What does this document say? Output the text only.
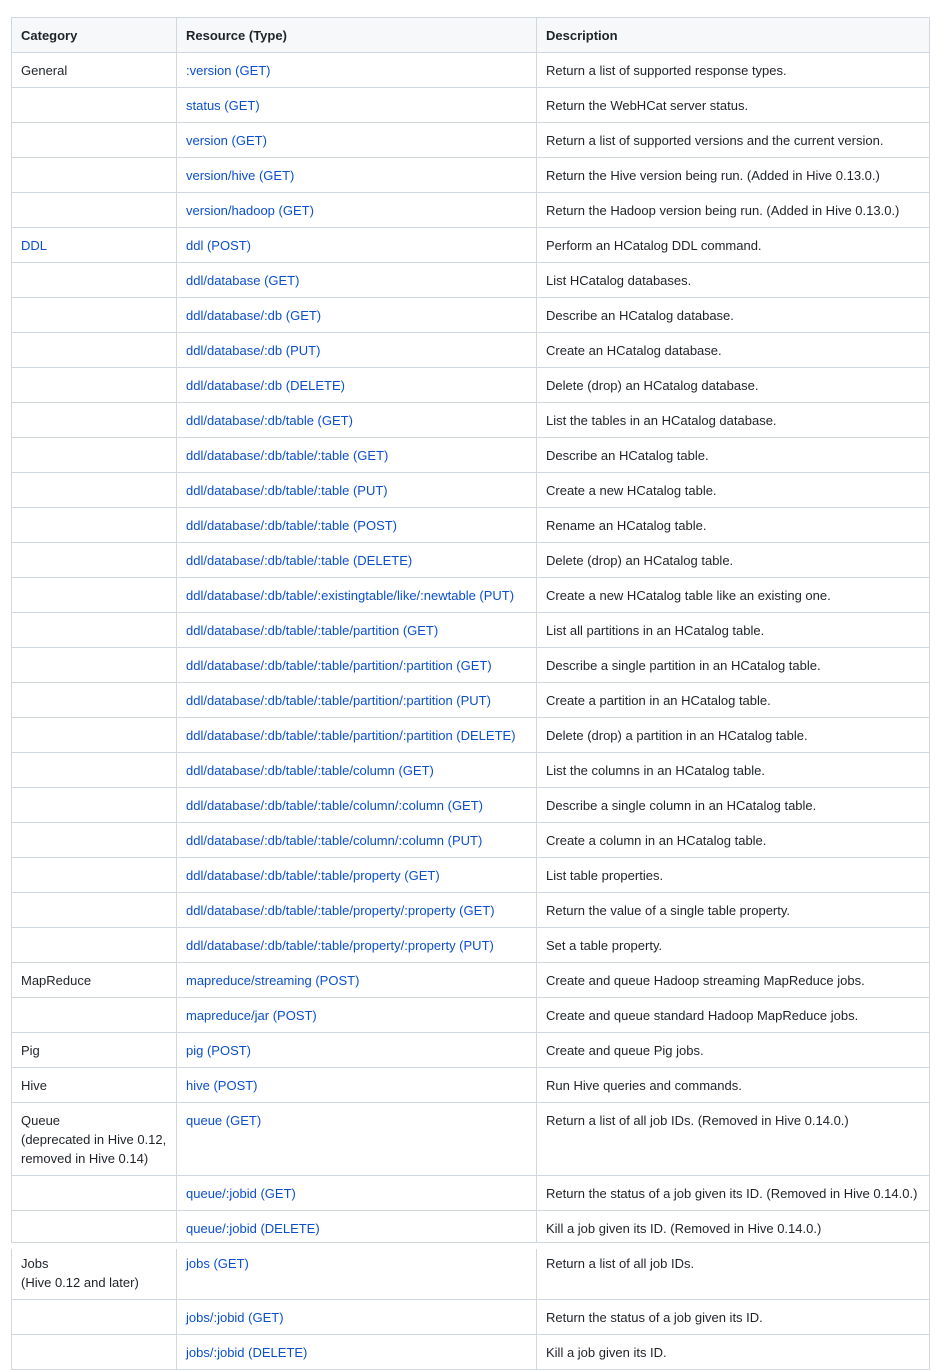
Category	Resource (Type)	Description
General	:version (GET)	Return a list of supported response types.
	status (GET)	Return the WebHCat server status.
	version (GET)	Return a list of supported versions and the current version.
	version/hive (GET)	Return the Hive version being run. (Added in Hive 0.13.0.)
	version/hadoop (GET)	Return the Hadoop version being run. (Added in Hive 0.13.0.)
DDL	ddl (POST)	Perform an HCatalog DDL command.
	ddl/database (GET)	List HCatalog databases.
	ddl/database/:db (GET)	Describe an HCatalog database.
	ddl/database/:db (PUT)	Create an HCatalog database.
	ddl/database/:db (DELETE)	Delete (drop) an HCatalog database.
	ddl/database/:db/table (GET)	List the tables in an HCatalog database.
	ddl/database/:db/table/:table (GET)	Describe an HCatalog table.
	ddl/database/:db/table/:table (PUT)	Create a new HCatalog table.
	ddl/database/:db/table/:table (POST)	Rename an HCatalog table.
	ddl/database/:db/table/:table (DELETE)	Delete (drop) an HCatalog table.
	ddl/database/:db/table/:existingtable/like/:newtable (PUT)	Create a new HCatalog table like an existing one.
	ddl/database/:db/table/:table/partition (GET)	List all partitions in an HCatalog table.
	ddl/database/:db/table/:table/partition/:partition (GET)	Describe a single partition in an HCatalog table.
	ddl/database/:db/table/:table/partition/:partition (PUT)	Create a partition in an HCatalog table.
	ddl/database/:db/table/:table/partition/:partition (DELETE)	Delete (drop) a partition in an HCatalog table.
	ddl/database/:db/table/:table/column (GET)	List the columns in an HCatalog table.
	ddl/database/:db/table/:table/column/:column (GET)	Describe a single column in an HCatalog table.
	ddl/database/:db/table/:table/column/:column (PUT)	Create a column in an HCatalog table.
	ddl/database/:db/table/:table/property (GET)	List table properties.
	ddl/database/:db/table/:table/property/:property (GET)	Return the value of a single table property.
	ddl/database/:db/table/:table/property/:property (PUT)	Set a table property.
MapReduce	mapreduce/streaming (POST)	Create and queue Hadoop streaming MapReduce jobs.
	mapreduce/jar (POST)	Create and queue standard Hadoop MapReduce jobs.
Pig	pig (POST)	Create and queue Pig jobs.
Hive	hive (POST)	Run Hive queries and commands.
Queue
(deprecated in Hive 0.12,
removed in Hive 0.14)	queue (GET)	Return a list of all job IDs. (Removed in Hive 0.14.0.)
	queue/:jobid (GET)	Return the status of a job given its ID. (Removed in Hive 0.14.0.)
	queue/:jobid (DELETE)	Kill a job given its ID. (Removed in Hive 0.14.0.)
Jobs
(Hive 0.12 and later)	jobs (GET)	Return a list of all job IDs.
	jobs/:jobid (GET)	Return the status of a job given its ID.
	jobs/:jobid (DELETE)	Kill a job given its ID.
